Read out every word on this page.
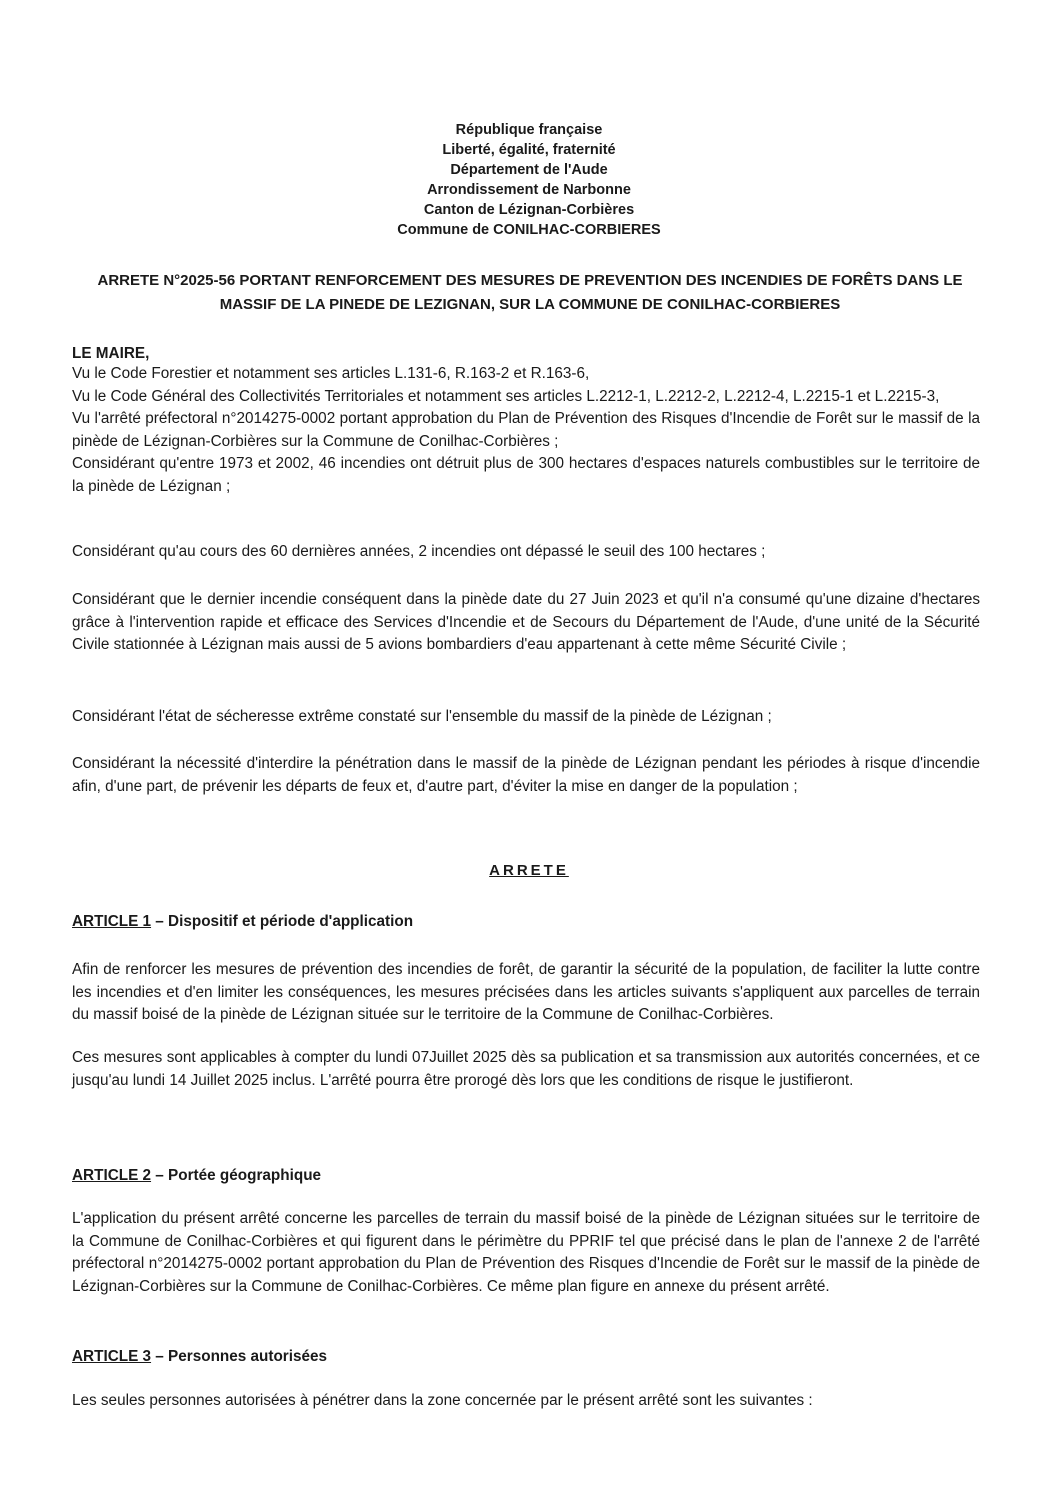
République française
Liberté, égalité, fraternité
Département de l'Aude
Arrondissement de Narbonne
Canton de Lézignan-Corbières
Commune de CONILHAC-CORBIERES
ARRETE N°2025-56 PORTANT RENFORCEMENT DES MESURES DE PREVENTION DES INCENDIES DE FORÊTS DANS LE
MASSIF DE LA PINEDE DE LEZIGNAN, SUR LA COMMUNE DE CONILHAC-CORBIERES
LE MAIRE,

Vu le Code Forestier et notamment ses articles L.131-6, R.163-2 et R.163-6,

Vu le Code Général des Collectivités Territoriales et notamment ses articles L.2212-1, L.2212-2, L.2212-4, L.2215-1 et L.2215-3,

Vu l'arrêté préfectoral n°2014275-0002 portant approbation du Plan de Prévention des Risques d'Incendie de Forêt sur le massif de la pinède de Lézignan-Corbières sur la Commune de Conilhac-Corbières ;

Considérant qu'entre 1973 et 2002, 46 incendies ont détruit plus de 300 hectares d'espaces naturels combustibles sur le territoire de la pinède de Lézignan ;

Considérant qu'au cours des 60 dernières années, 2 incendies ont dépassé le seuil des 100 hectares ;

Considérant que le dernier incendie conséquent dans la pinède date du 27 Juin 2023 et qu'il n'a consumé qu'une dizaine d'hectares grâce à l'intervention rapide et efficace des Services d'Incendie et de Secours du Département de l'Aude, d'une unité de la Sécurité Civile stationnée à Lézignan mais aussi de 5 avions bombardiers d'eau appartenant à cette même Sécurité Civile ;

Considérant l'état de sécheresse extrême constaté sur l'ensemble du massif de la pinède de Lézignan ;

Considérant la nécessité d'interdire la pénétration dans le massif de la pinède de Lézignan pendant les périodes à risque d'incendie afin, d'une part, de prévenir les départs de feux et, d'autre part, d'éviter la mise en danger de la population ;

ARRETE
ARTICLE 1 – Dispositif et période d'application

Afin de renforcer les mesures de prévention des incendies de forêt, de garantir la sécurité de la population, de faciliter la lutte contre les incendies et d'en limiter les conséquences, les mesures précisées dans les articles suivants s'appliquent aux parcelles de terrain du massif boisé de la pinède de Lézignan située sur le territoire de la Commune de Conilhac-Corbières.

Ces mesures sont applicables à compter du lundi 07Juillet 2025 dès sa publication et sa transmission aux autorités concernées, et ce jusqu'au lundi 14 Juillet 2025 inclus. L'arrêté pourra être prorogé dès lors que les conditions de risque le justifieront.

ARTICLE 2 – Portée géographique

L'application du présent arrêté concerne les parcelles de terrain du massif boisé de la pinède de Lézignan situées sur le territoire de la Commune de Conilhac-Corbières et qui figurent dans le périmètre du PPRIF tel que précisé dans le plan de l'annexe 2 de l'arrêté préfectoral n°2014275-0002 portant approbation du Plan de Prévention des Risques d'Incendie de Forêt sur le massif de la pinède de Lézignan-Corbières sur la Commune de Conilhac-Corbières. Ce même plan figure en annexe du présent arrêté.

ARTICLE 3 – Personnes autorisées

Les seules personnes autorisées à pénétrer dans la zone concernée par le présent arrêté sont les suivantes :
